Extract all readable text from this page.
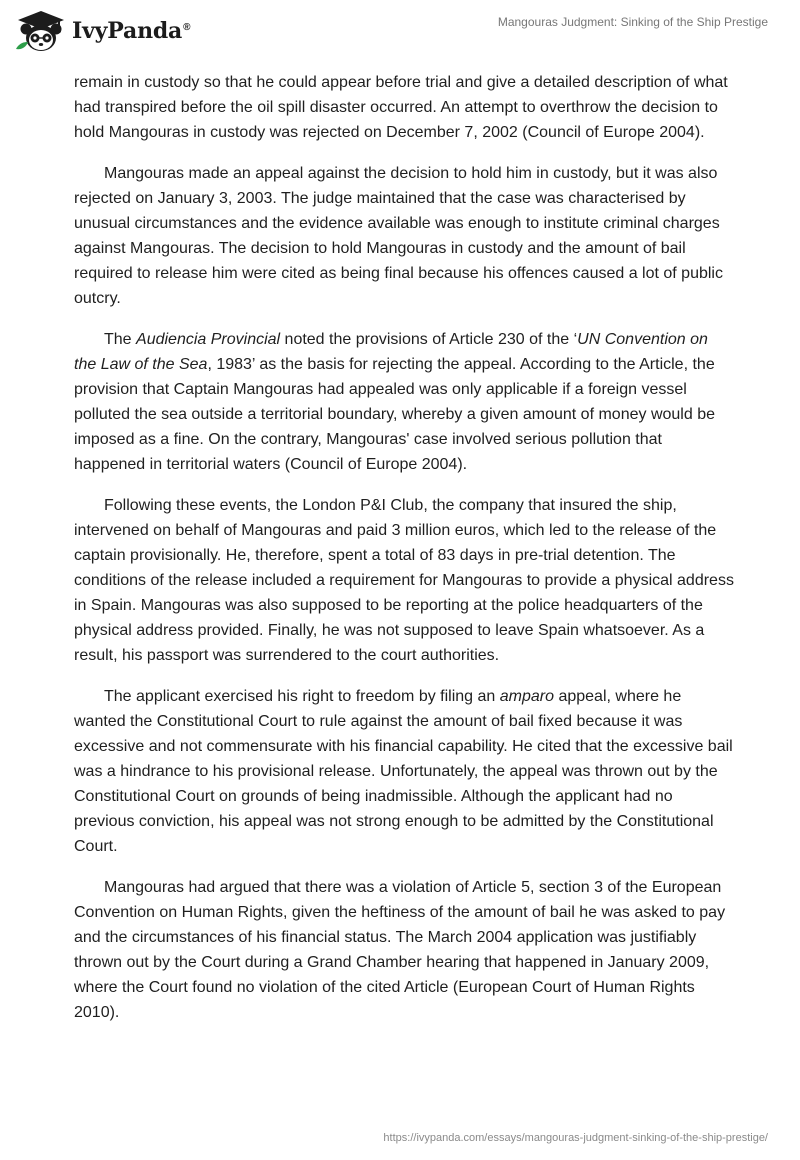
IvyPanda®	Mangouras Judgment: Sinking of the Ship Prestige

remain in custody so that he could appear before trial and give a detailed description of what had transpired before the oil spill disaster occurred. An attempt to overthrow the decision to hold Mangouras in custody was rejected on December 7, 2002 (Council of Europe 2004).

Mangouras made an appeal against the decision to hold him in custody, but it was also rejected on January 3, 2003. The judge maintained that the case was characterised by unusual circumstances and the evidence available was enough to institute criminal charges against Mangouras. The decision to hold Mangouras in custody and the amount of bail required to release him were cited as being final because his offences caused a lot of public outcry.

The Audiencia Provincial noted the provisions of Article 230 of the ‘UN Convention on the Law of the Sea, 1983’ as the basis for rejecting the appeal. According to the Article, the provision that Captain Mangouras had appealed was only applicable if a foreign vessel polluted the sea outside a territorial boundary, whereby a given amount of money would be imposed as a fine. On the contrary, Mangouras' case involved serious pollution that happened in territorial waters (Council of Europe 2004).

Following these events, the London P&I Club, the company that insured the ship, intervened on behalf of Mangouras and paid 3 million euros, which led to the release of the captain provisionally. He, therefore, spent a total of 83 days in pre-trial detention. The conditions of the release included a requirement for Mangouras to provide a physical address in Spain. Mangouras was also supposed to be reporting at the police headquarters of the physical address provided. Finally, he was not supposed to leave Spain whatsoever. As a result, his passport was surrendered to the court authorities.

The applicant exercised his right to freedom by filing an amparo appeal, where he wanted the Constitutional Court to rule against the amount of bail fixed because it was excessive and not commensurate with his financial capability. He cited that the excessive bail was a hindrance to his provisional release. Unfortunately, the appeal was thrown out by the Constitutional Court on grounds of being inadmissible. Although the applicant had no previous conviction, his appeal was not strong enough to be admitted by the Constitutional Court.

Mangouras had argued that there was a violation of Article 5, section 3 of the European Convention on Human Rights, given the heftiness of the amount of bail he was asked to pay and the circumstances of his financial status. The March 2004 application was justifiably thrown out by the Court during a Grand Chamber hearing that happened in January 2009, where the Court found no violation of the cited Article (European Court of Human Rights 2010).

https://ivypanda.com/essays/mangouras-judgment-sinking-of-the-ship-prestige/
